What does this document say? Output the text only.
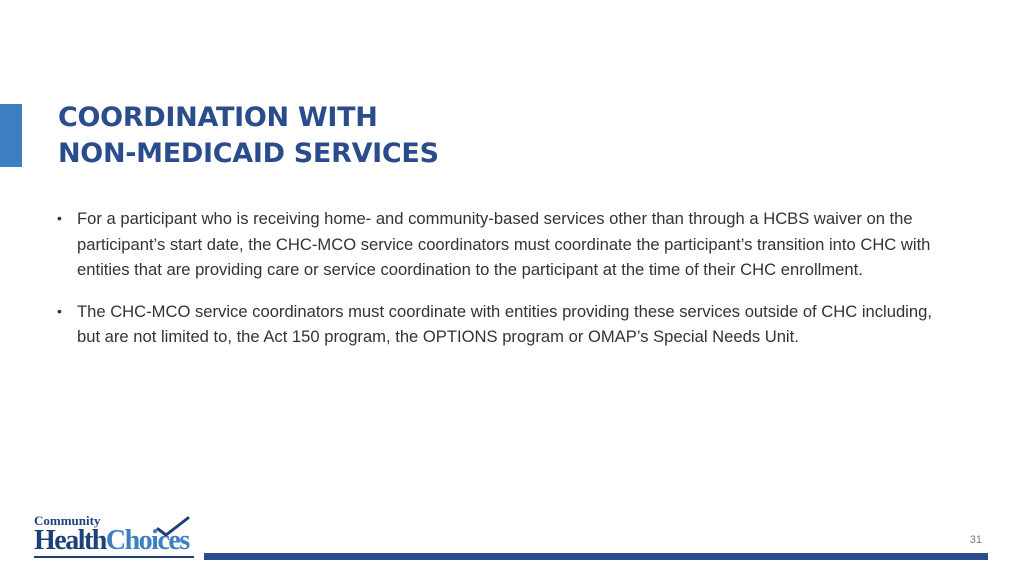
COORDINATION WITH
NON-MEDICAID SERVICES
• For a participant who is receiving home- and community-based services other than through a HCBS waiver on the participant’s start date, the CHC-MCO service coordinators must coordinate the participant’s transition into CHC with entities that are providing care or service coordination to the participant at the time of their CHC enrollment.
• The CHC-MCO service coordinators must coordinate with entities providing these services outside of CHC including, but are not limited to, the Act 150 program, the OPTIONS program or OMAP’s Special Needs Unit.
Community
HealthChoices	31
